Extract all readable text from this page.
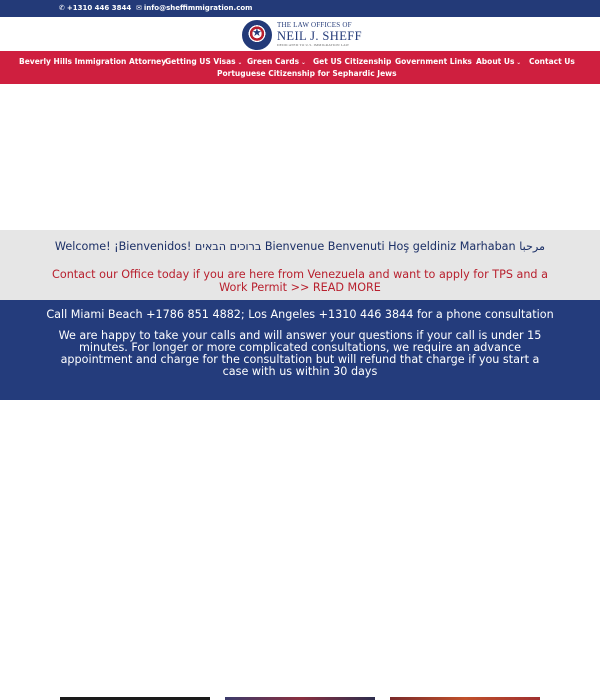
✆ +1310 446 3844 ✉ info@sheffimmigration.com
★
THE LAW OFFICES OF
NEIL J. SHEFF
DEDICATED TO U.S. IMMIGRATION LAW
Beverly Hills Immigration Attorney
Getting US Visas ⌄ Green Cards ⌄ Get US Citizenship Government Links About Us ⌄ Contact Us
Portuguese Citizenship for Sephardic Jews
Welcome! ¡Bienvenidos! ברוכים הבאים Bienvenue Benvenuti Hoş geldiniz Marhaban مرحبا
Contact our Office today if you are here from Venezuela and want to apply for TPS and a Work Permit >> READ MORE
Call Miami Beach +1786 851 4882; Los Angeles +1310 446 3844 for a phone consultation
We are happy to take your calls and will answer your questions if your call is under 15 minutes. For longer or more complicated consultations, we require an advance appointment and charge for the consultation but will refund that charge if you start a case with us within 30 days
